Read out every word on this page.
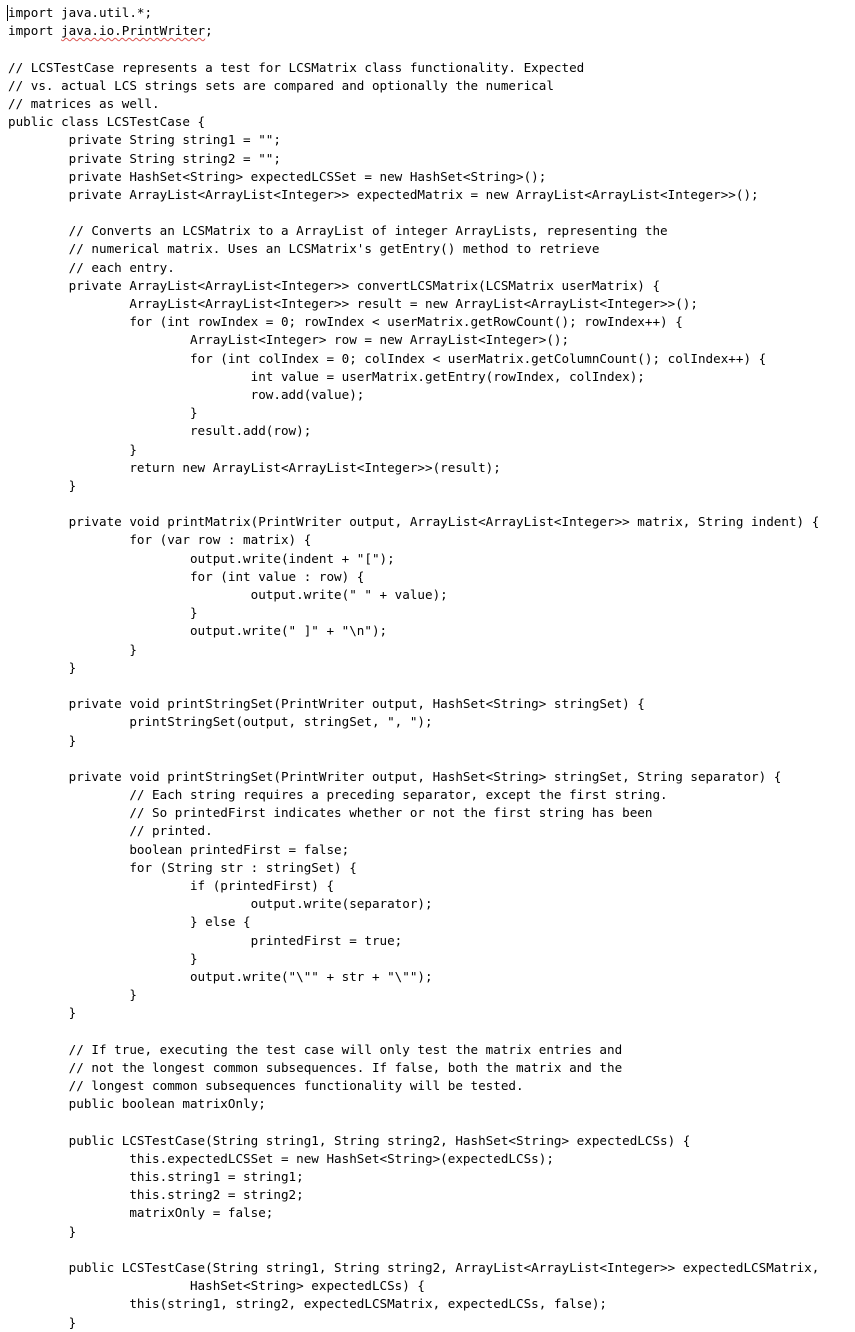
import java.util.*;
import java.io.PrintWriter;
// LCSTestCase represents a test for LCSMatrix class functionality. Expected
// vs. actual LCS strings sets are compared and optionally the numerical
// matrices as well.
public class LCSTestCase {
private String string1 = "";
private String string2 = "";
private HashSet<String> expectedLCSSet = new HashSet<String>();
private ArrayList<ArrayList<Integer>> expectedMatrix = new ArrayList<ArrayList<Integer>>();
// Converts an LCSMatrix to a ArrayList of integer ArrayLists, representing the
// numerical matrix. Uses an LCSMatrix's getEntry() method to retrieve
// each entry.
private ArrayList<ArrayList<Integer>> convertLCSMatrix(LCSMatrix userMatrix) {
ArrayList<ArrayList<Integer>> result = new ArrayList<ArrayList<Integer>>();
for (int rowIndex = 0; rowIndex < userMatrix.getRowCount(); rowIndex++) {
ArrayList<Integer> row = new ArrayList<Integer>();
for (int colIndex = 0; colIndex < userMatrix.getColumnCount(); colIndex++) {
int value = userMatrix.getEntry(rowIndex, colIndex);
row.add(value);
}
result.add(row);
}
return new ArrayList<ArrayList<Integer>>(result);
}
private void printMatrix(PrintWriter output, ArrayList<ArrayList<Integer>> matrix, String indent) {
for (var row : matrix) {
output.write(indent + "[");
for (int value : row) {
output.write(" " + value);
}
output.write(" ]" + "\n");
}
}
private void printStringSet(PrintWriter output, HashSet<String> stringSet) {
printStringSet(output, stringSet, ", ");
}
private void printStringSet(PrintWriter output, HashSet<String> stringSet, String separator) {
// Each string requires a preceding separator, except the first string.
// So printedFirst indicates whether or not the first string has been
// printed.
boolean printedFirst = false;
for (String str : stringSet) {
if (printedFirst) {
output.write(separator);
} else {
printedFirst = true;
}
output.write("\"" + str + "\"");
}
}
// If true, executing the test case will only test the matrix entries and
// not the longest common subsequences. If false, both the matrix and the
// longest common subsequences functionality will be tested.
public boolean matrixOnly;
public LCSTestCase(String string1, String string2, HashSet<String> expectedLCSs) {
this.expectedLCSSet = new HashSet<String>(expectedLCSs);
this.string1 = string1;
this.string2 = string2;
matrixOnly = false;
}
public LCSTestCase(String string1, String string2, ArrayList<ArrayList<Integer>> expectedLCSMatrix,
HashSet<String> expectedLCSs) {
this(string1, string2, expectedLCSMatrix, expectedLCSs, false);
}
